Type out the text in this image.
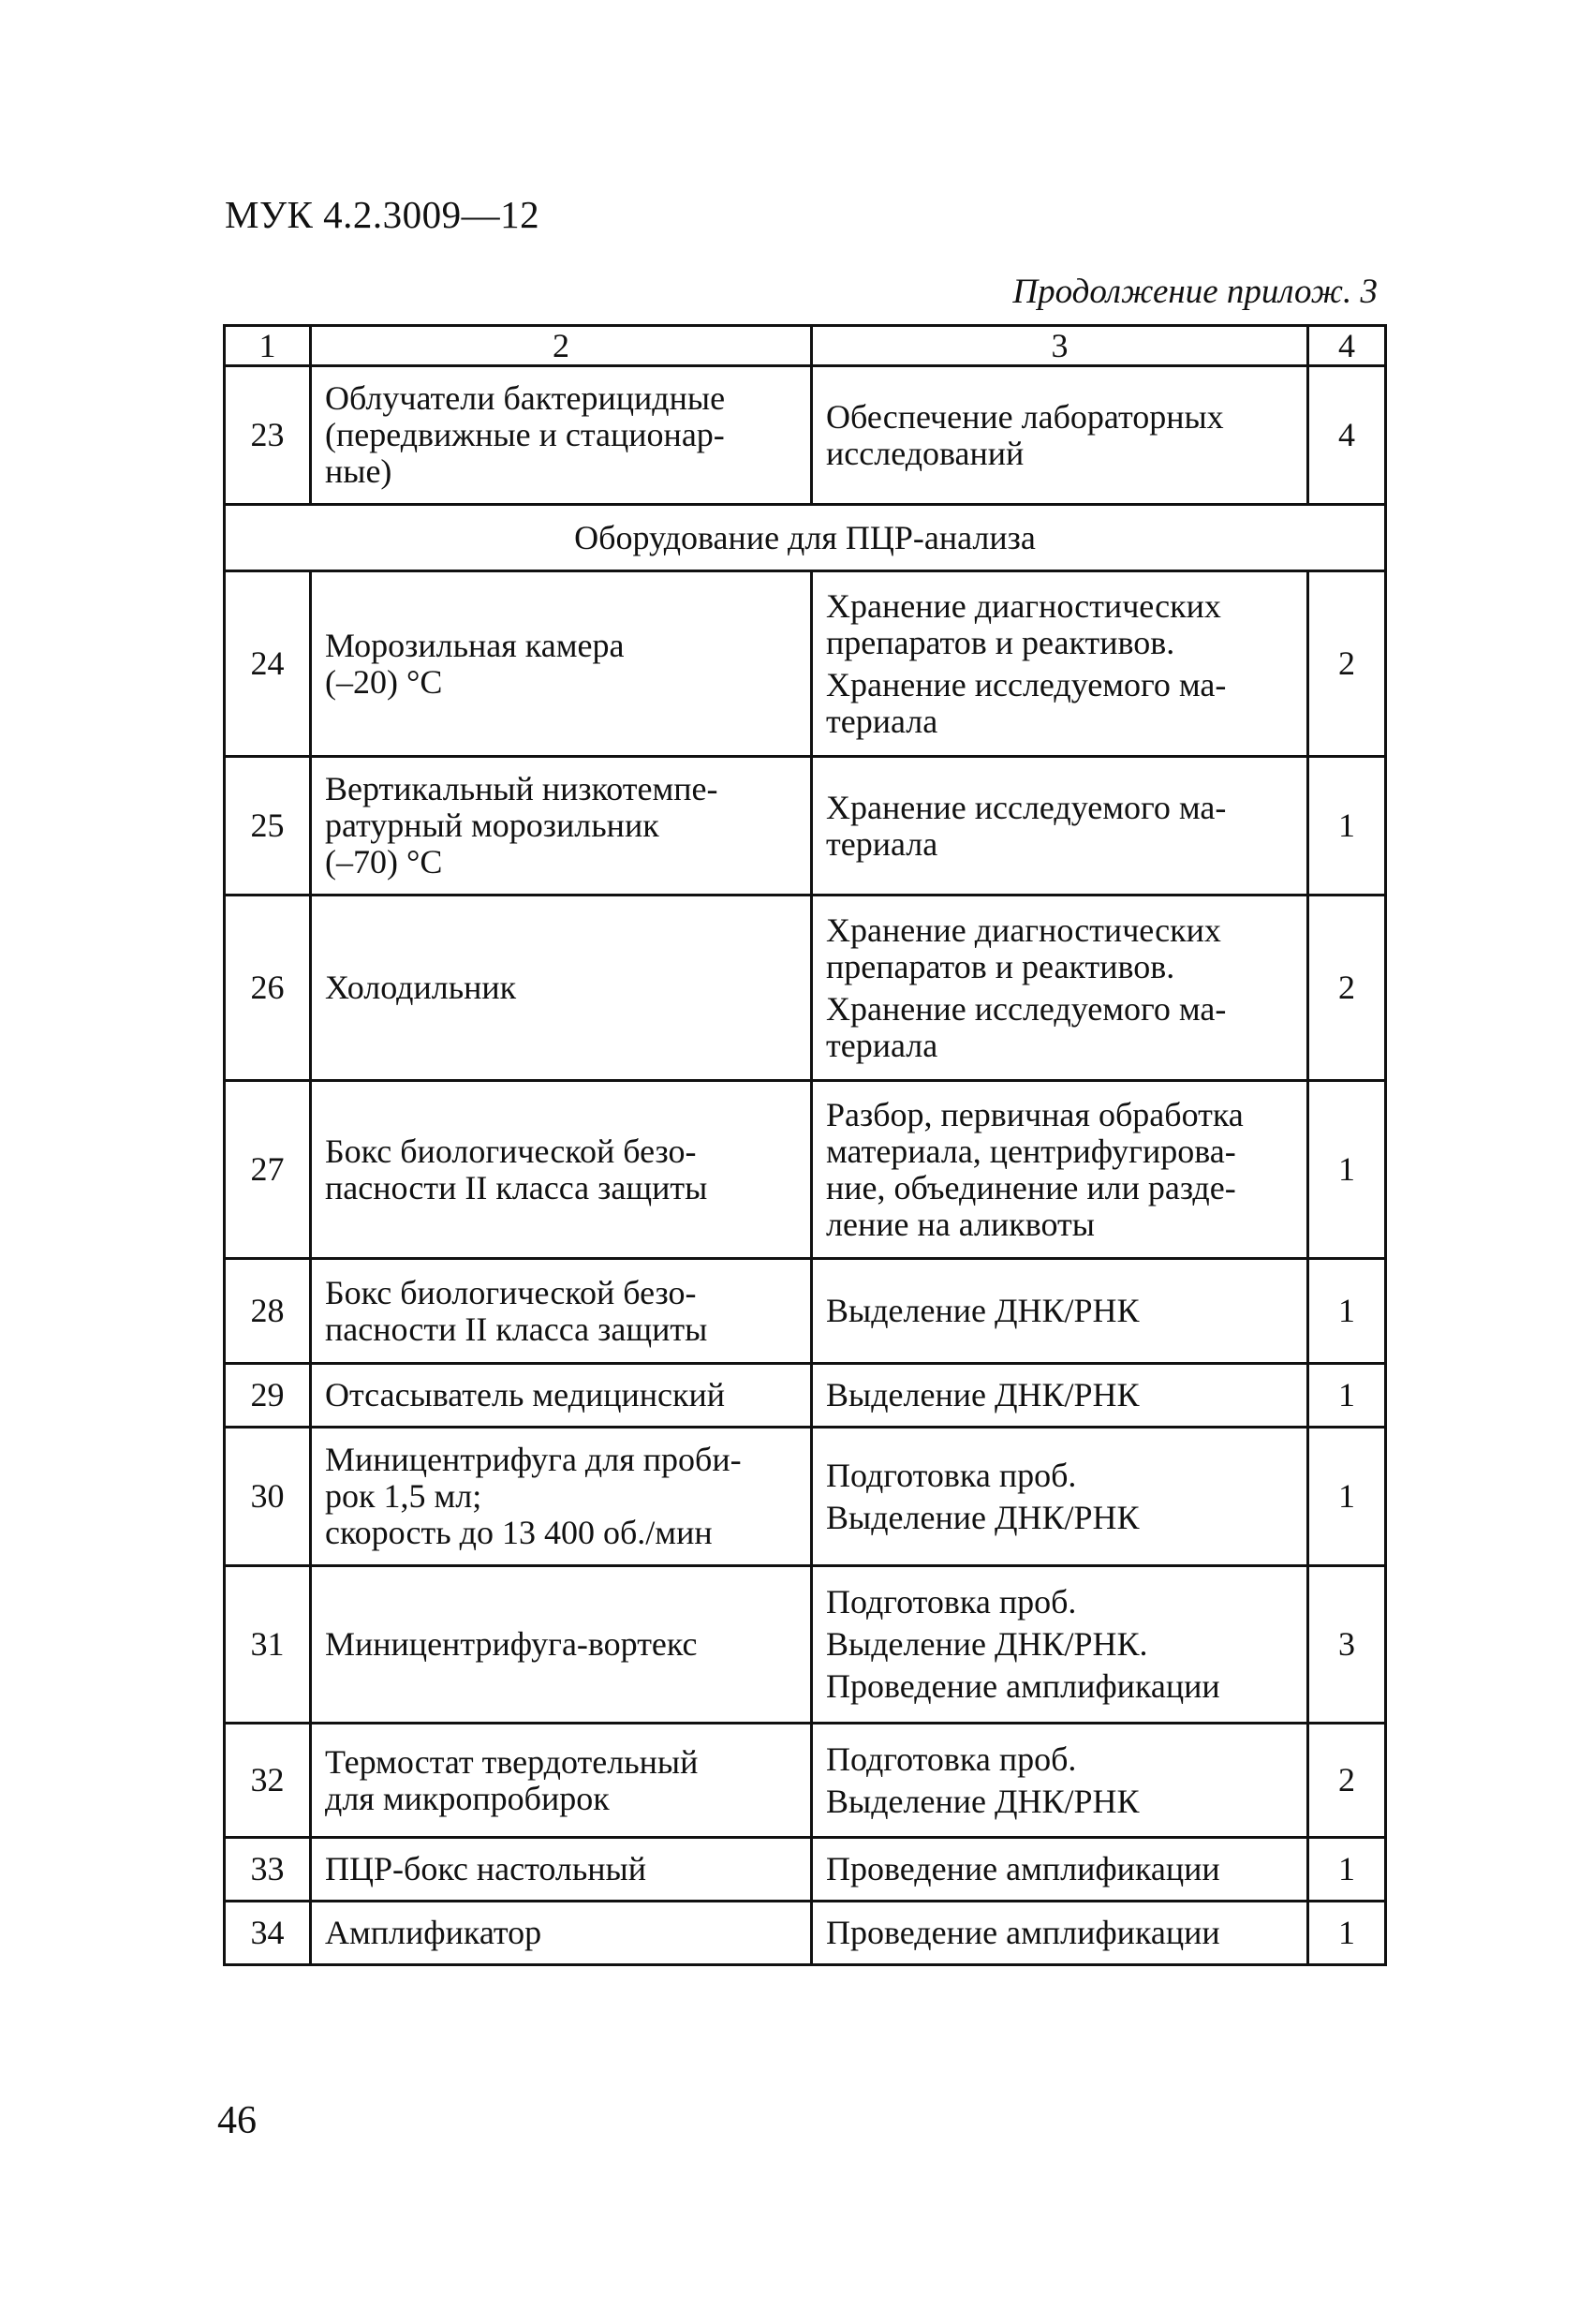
МУК 4.2.3009—12
Продолжение прилож. 3
1	2	3	4
23	Облучатели бактерицидные
(передвижные и стационар-
ные)	Обеспечение лабораторных
исследований	4
Оборудование для ПЦР-анализа			
24	Морозильная камера
(–20) °C	Хранение диагностических
препаратов и реактивов.
Хранение исследуемого ма-
териала	2
25	Вертикальный низкотемпе-
ратурный морозильник
(–70) °C	Хранение исследуемого ма-
териала	1
26	Холодильник	Хранение диагностических
препаратов и реактивов.
Хранение исследуемого ма-
териала	2
27	Бокс биологической безо-
пасности II класса защиты	Разбор, первичная обработка
материала, центрифугирова-
ние, объединение или разде-
ление на аликвоты	1
28	Бокс биологической безо-
пасности II класса защиты	Выделение ДНК/РНК	1
29	Отсасыватель медицинский	Выделение ДНК/РНК	1
30	Миницентрифуга для проби-
рок 1,5 мл;
скорость до 13 400 об./мин	Подготовка проб.
Выделение ДНК/РНК	1
31	Миницентрифуга-вортекс	Подготовка проб.
Выделение ДНК/РНК.
Проведение амплификации	3
32	Термостат твердотельный
для микропробирок	Подготовка проб.
Выделение ДНК/РНК	2
33	ПЦР-бокс настольный	Проведение амплификации	1
34	Амплификатор	Проведение амплификации	1
46
